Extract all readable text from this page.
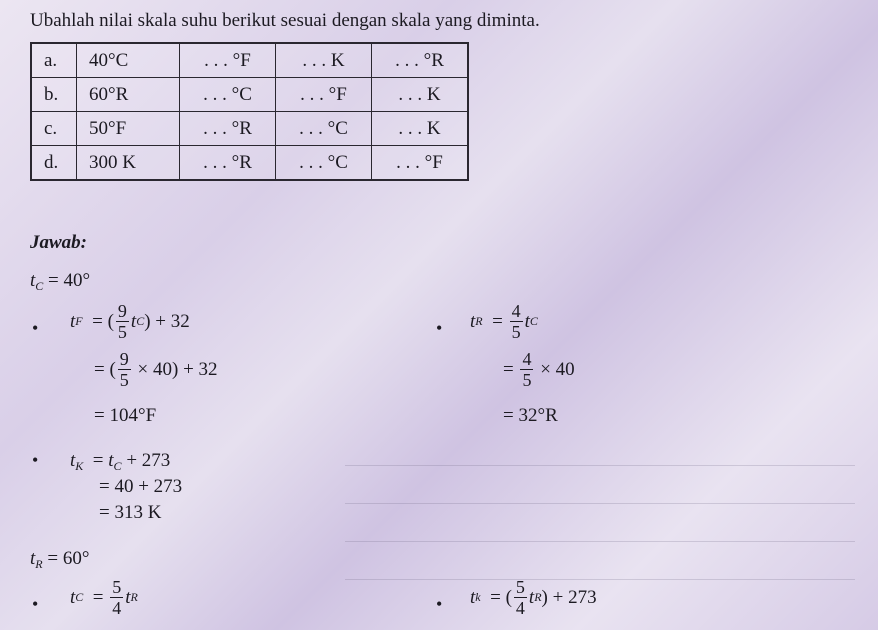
Ubahlah nilai skala suhu berikut sesuai dengan skala yang diminta.
a.	40°C	. . . °F	. . . K	. . . °R
b.	60°R	. . . °C	. . . °F	. . . K
c.	50°F	. . . °R	. . . °C	. . . K
d.	300 K	. . . °R	. . . °C	. . . °F
Jawab:
$t_C = 40^\circ$
• t F
= ( $\frac{9}{5}$ t C ) + 32
= ( $\frac{9}{5}$
× 40) + 32
= 104°F
• t R
=
$\frac{4}{5}$ t C
=
$\frac{4}{5}$
× 40
= 32°R
• $t_K = t_C + 273$
= 40 + 273
= 313 K
$t_R = 60^\circ$
• t C
=
$\frac{5}{4}$ t R	• t k
= ( $\frac{5}{4}$ t R ) + 273
